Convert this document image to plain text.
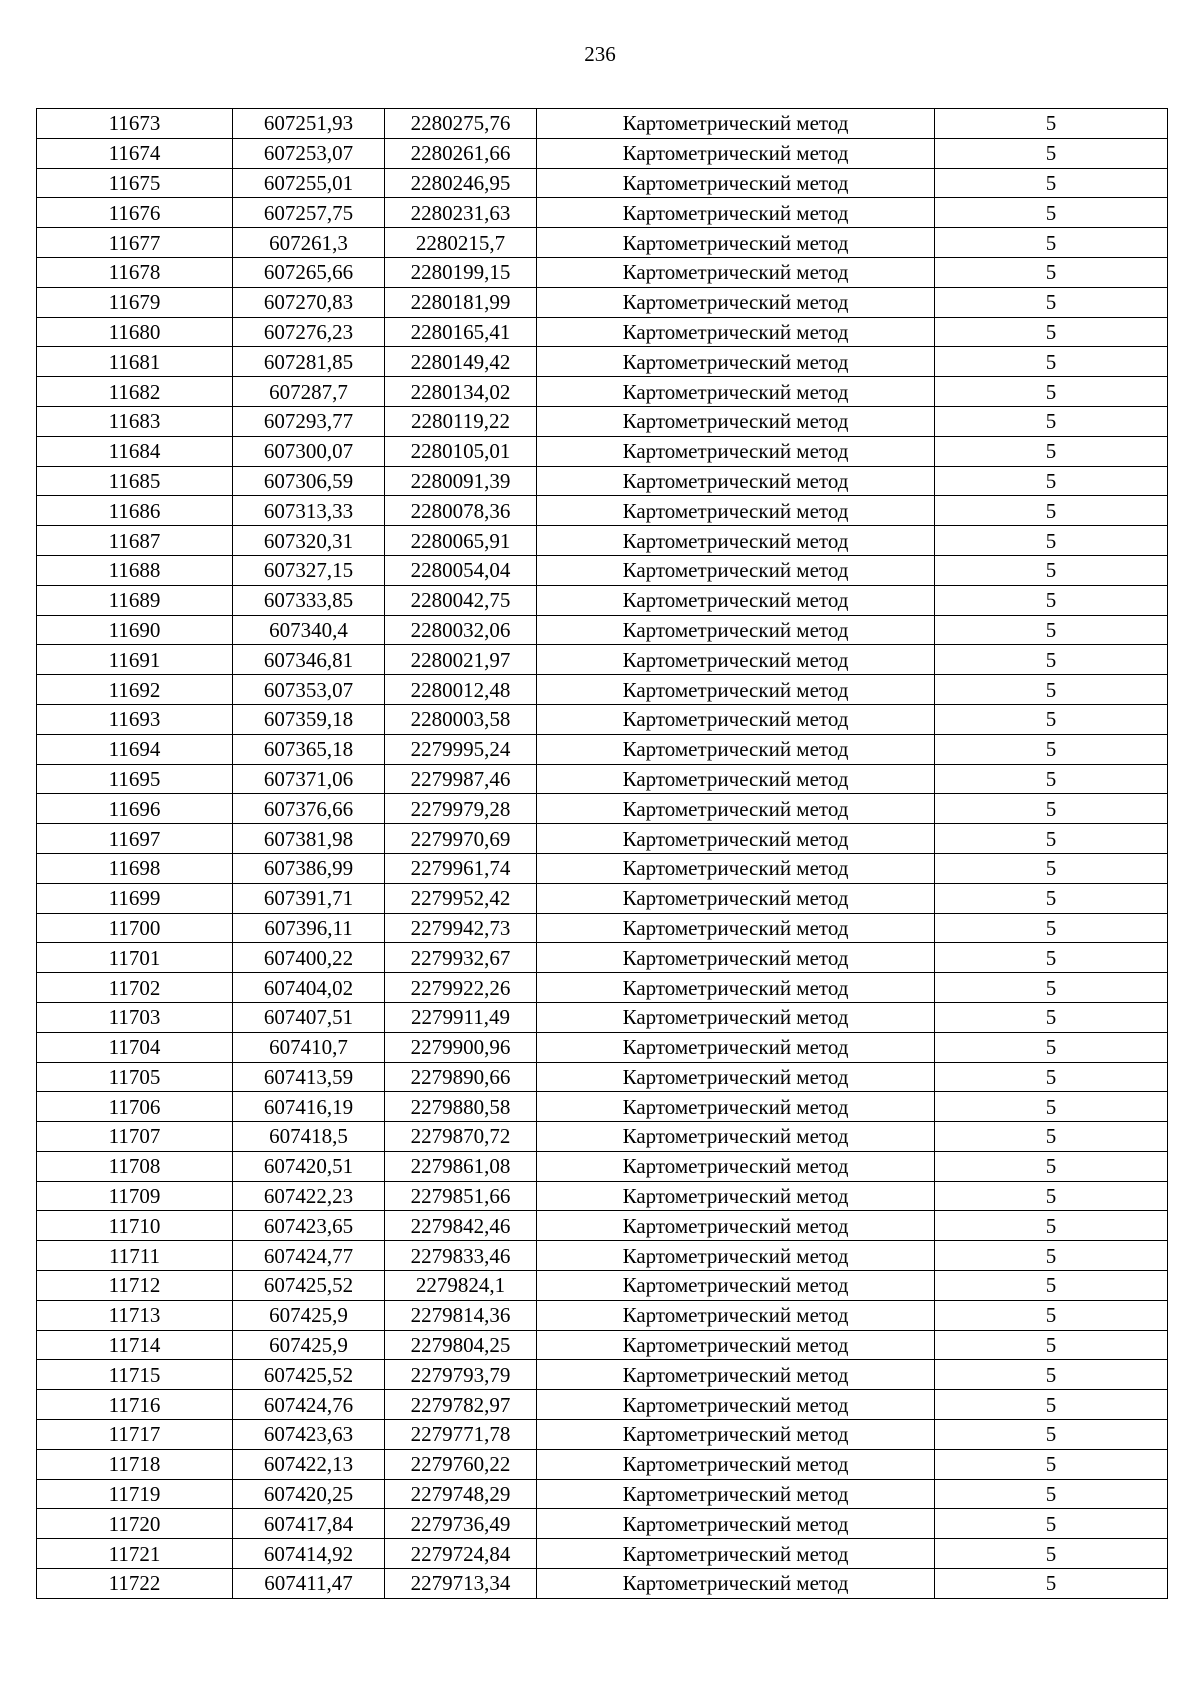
236
11673	607251,93	2280275,76	Картометрический метод	5
11674	607253,07	2280261,66	Картометрический метод	5
11675	607255,01	2280246,95	Картометрический метод	5
11676	607257,75	2280231,63	Картометрический метод	5
11677	607261,3	2280215,7	Картометрический метод	5
11678	607265,66	2280199,15	Картометрический метод	5
11679	607270,83	2280181,99	Картометрический метод	5
11680	607276,23	2280165,41	Картометрический метод	5
11681	607281,85	2280149,42	Картометрический метод	5
11682	607287,7	2280134,02	Картометрический метод	5
11683	607293,77	2280119,22	Картометрический метод	5
11684	607300,07	2280105,01	Картометрический метод	5
11685	607306,59	2280091,39	Картометрический метод	5
11686	607313,33	2280078,36	Картометрический метод	5
11687	607320,31	2280065,91	Картометрический метод	5
11688	607327,15	2280054,04	Картометрический метод	5
11689	607333,85	2280042,75	Картометрический метод	5
11690	607340,4	2280032,06	Картометрический метод	5
11691	607346,81	2280021,97	Картометрический метод	5
11692	607353,07	2280012,48	Картометрический метод	5
11693	607359,18	2280003,58	Картометрический метод	5
11694	607365,18	2279995,24	Картометрический метод	5
11695	607371,06	2279987,46	Картометрический метод	5
11696	607376,66	2279979,28	Картометрический метод	5
11697	607381,98	2279970,69	Картометрический метод	5
11698	607386,99	2279961,74	Картометрический метод	5
11699	607391,71	2279952,42	Картометрический метод	5
11700	607396,11	2279942,73	Картометрический метод	5
11701	607400,22	2279932,67	Картометрический метод	5
11702	607404,02	2279922,26	Картометрический метод	5
11703	607407,51	2279911,49	Картометрический метод	5
11704	607410,7	2279900,96	Картометрический метод	5
11705	607413,59	2279890,66	Картометрический метод	5
11706	607416,19	2279880,58	Картометрический метод	5
11707	607418,5	2279870,72	Картометрический метод	5
11708	607420,51	2279861,08	Картометрический метод	5
11709	607422,23	2279851,66	Картометрический метод	5
11710	607423,65	2279842,46	Картометрический метод	5
11711	607424,77	2279833,46	Картометрический метод	5
11712	607425,52	2279824,1	Картометрический метод	5
11713	607425,9	2279814,36	Картометрический метод	5
11714	607425,9	2279804,25	Картометрический метод	5
11715	607425,52	2279793,79	Картометрический метод	5
11716	607424,76	2279782,97	Картометрический метод	5
11717	607423,63	2279771,78	Картометрический метод	5
11718	607422,13	2279760,22	Картометрический метод	5
11719	607420,25	2279748,29	Картометрический метод	5
11720	607417,84	2279736,49	Картометрический метод	5
11721	607414,92	2279724,84	Картометрический метод	5
11722	607411,47	2279713,34	Картометрический метод	5
